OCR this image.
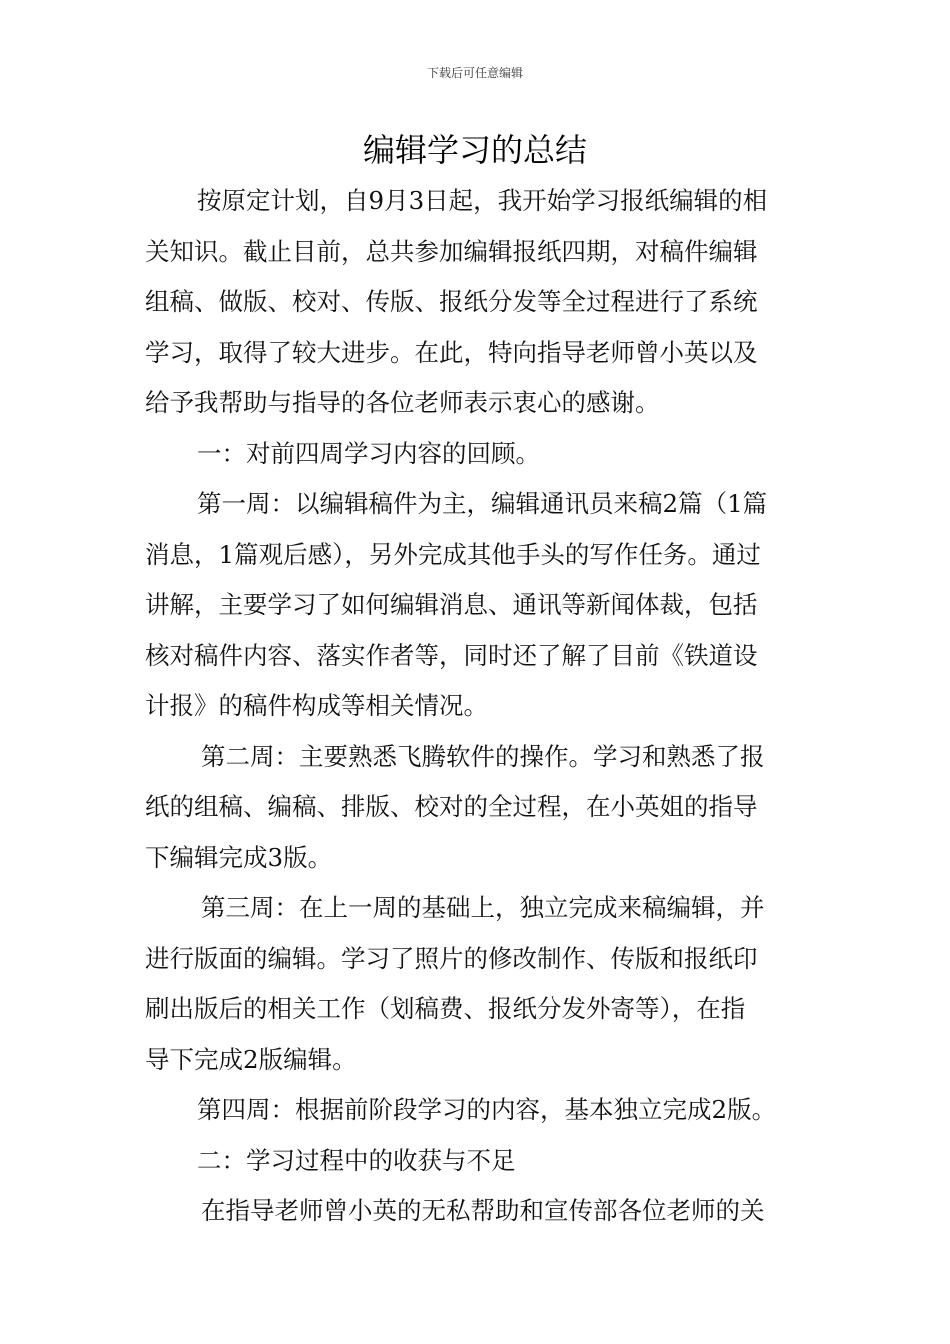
下载后可任意编辑
编辑学习的总结
按原定计划，自9月3日起，我开始学习报纸编辑的相
关知识。截止目前，总共参加编辑报纸四期，对稿件编辑
组稿、做版、校对、传版、报纸分发等全过程进行了系统
学习，取得了较大进步。在此，特向指导老师曾小英以及
给予我帮助与指导的各位老师表示衷心的感谢。
一：对前四周学习内容的回顾。
第一周：以编辑稿件为主，编辑通讯员来稿2篇（1篇
消息，1篇观后感），另外完成其他手头的写作任务。通过
讲解，主要学习了如何编辑消息、通讯等新闻体裁，包括
核对稿件内容、落实作者等，同时还了解了目前《铁道设
计报》的稿件构成等相关情况。
第二周：主要熟悉飞腾软件的操作。学习和熟悉了报
纸的组稿、编稿、排版、校对的全过程，在小英姐的指导
下编辑完成3版。
第三周：在上一周的基础上，独立完成来稿编辑，并
进行版面的编辑。学习了照片的修改制作、传版和报纸印
刷出版后的相关工作（划稿费、报纸分发外寄等），在指
导下完成2版编辑。
第四周：根据前阶段学习的内容，基本独立完成2版。
二：学习过程中的收获与不足
在指导老师曾小英的无私帮助和宣传部各位老师的关
